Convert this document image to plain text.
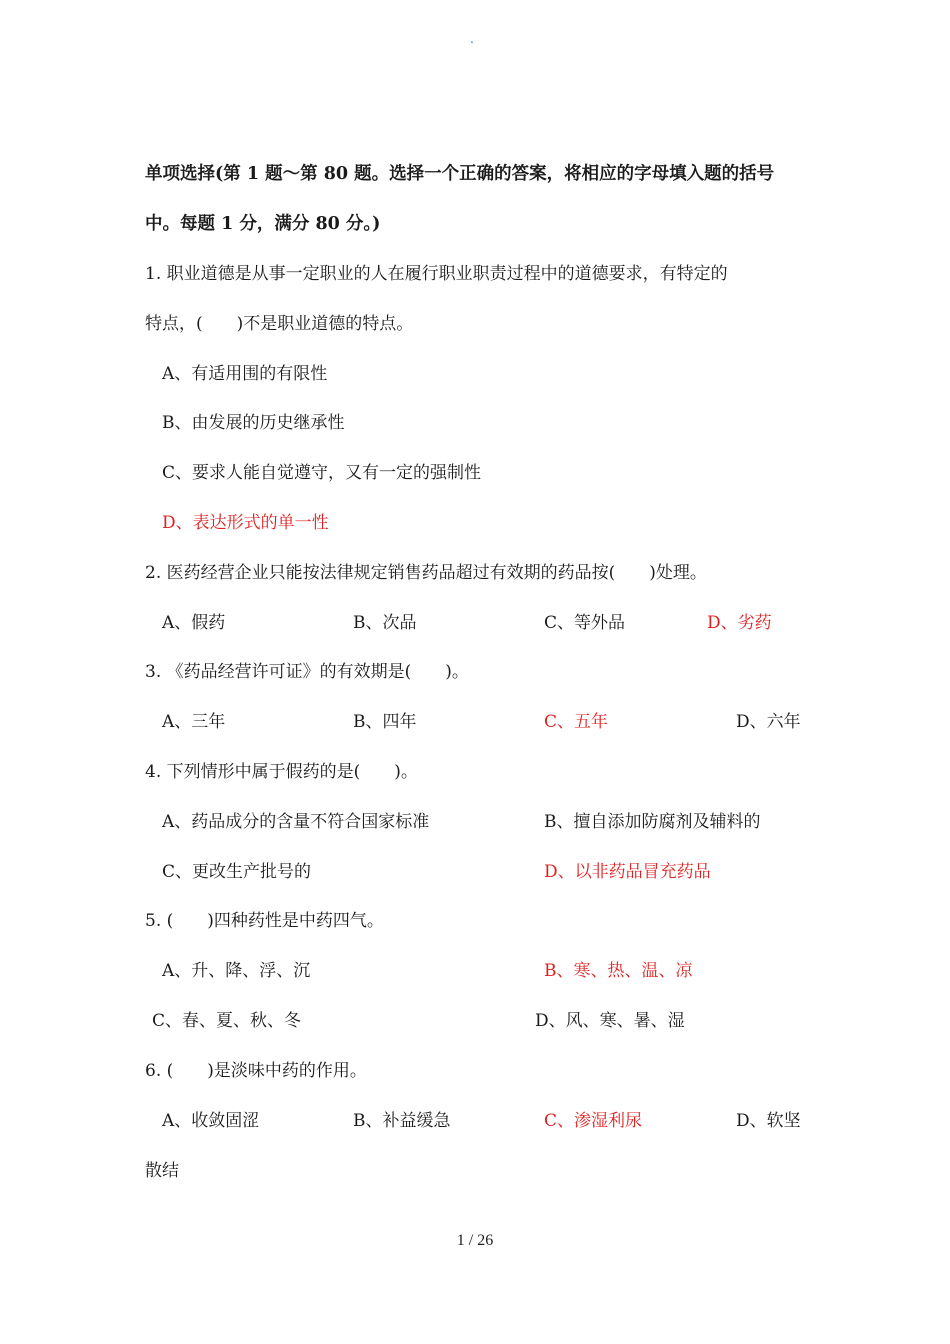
.
单项选择(第 1 题～第 80 题。选择一个正确的答案，将相应的字母填入题的括号
中。每题 1 分，满分 80 分。)
1. 职业道德是从事一定职业的人在履行职业职责过程中的道德要求，有特定的
特点，(　　)不是职业道德的特点。
A、有适用围的有限性
B、由发展的历史继承性
C、要求人能自觉遵守，又有一定的强制性
D、表达形式的单一性
2. 医药经营企业只能按法律规定销售药品超过有效期的药品按(　　)处理。
A、假药	B、次品	C、等外品	D、劣药
3. 《药品经营许可证》的有效期是(　　)。
A、三年	B、四年	C、五年	D、六年
4. 下列情形中属于假药的是(　　)。
A、药品成分的含量不符合国家标准	B、擅自添加防腐剂及辅料的
C、更改生产批号的	D、以非药品冒充药品
5. (　　)四种药性是中药四气。
A、升、降、浮、沉	B、寒、热、温、凉
C、春、夏、秋、冬	D、风、寒、暑、湿
6. (　　)是淡味中药的作用。
A、收敛固涩	B、补益缓急	C、渗湿利尿	D、软坚
散结
1 / 26
